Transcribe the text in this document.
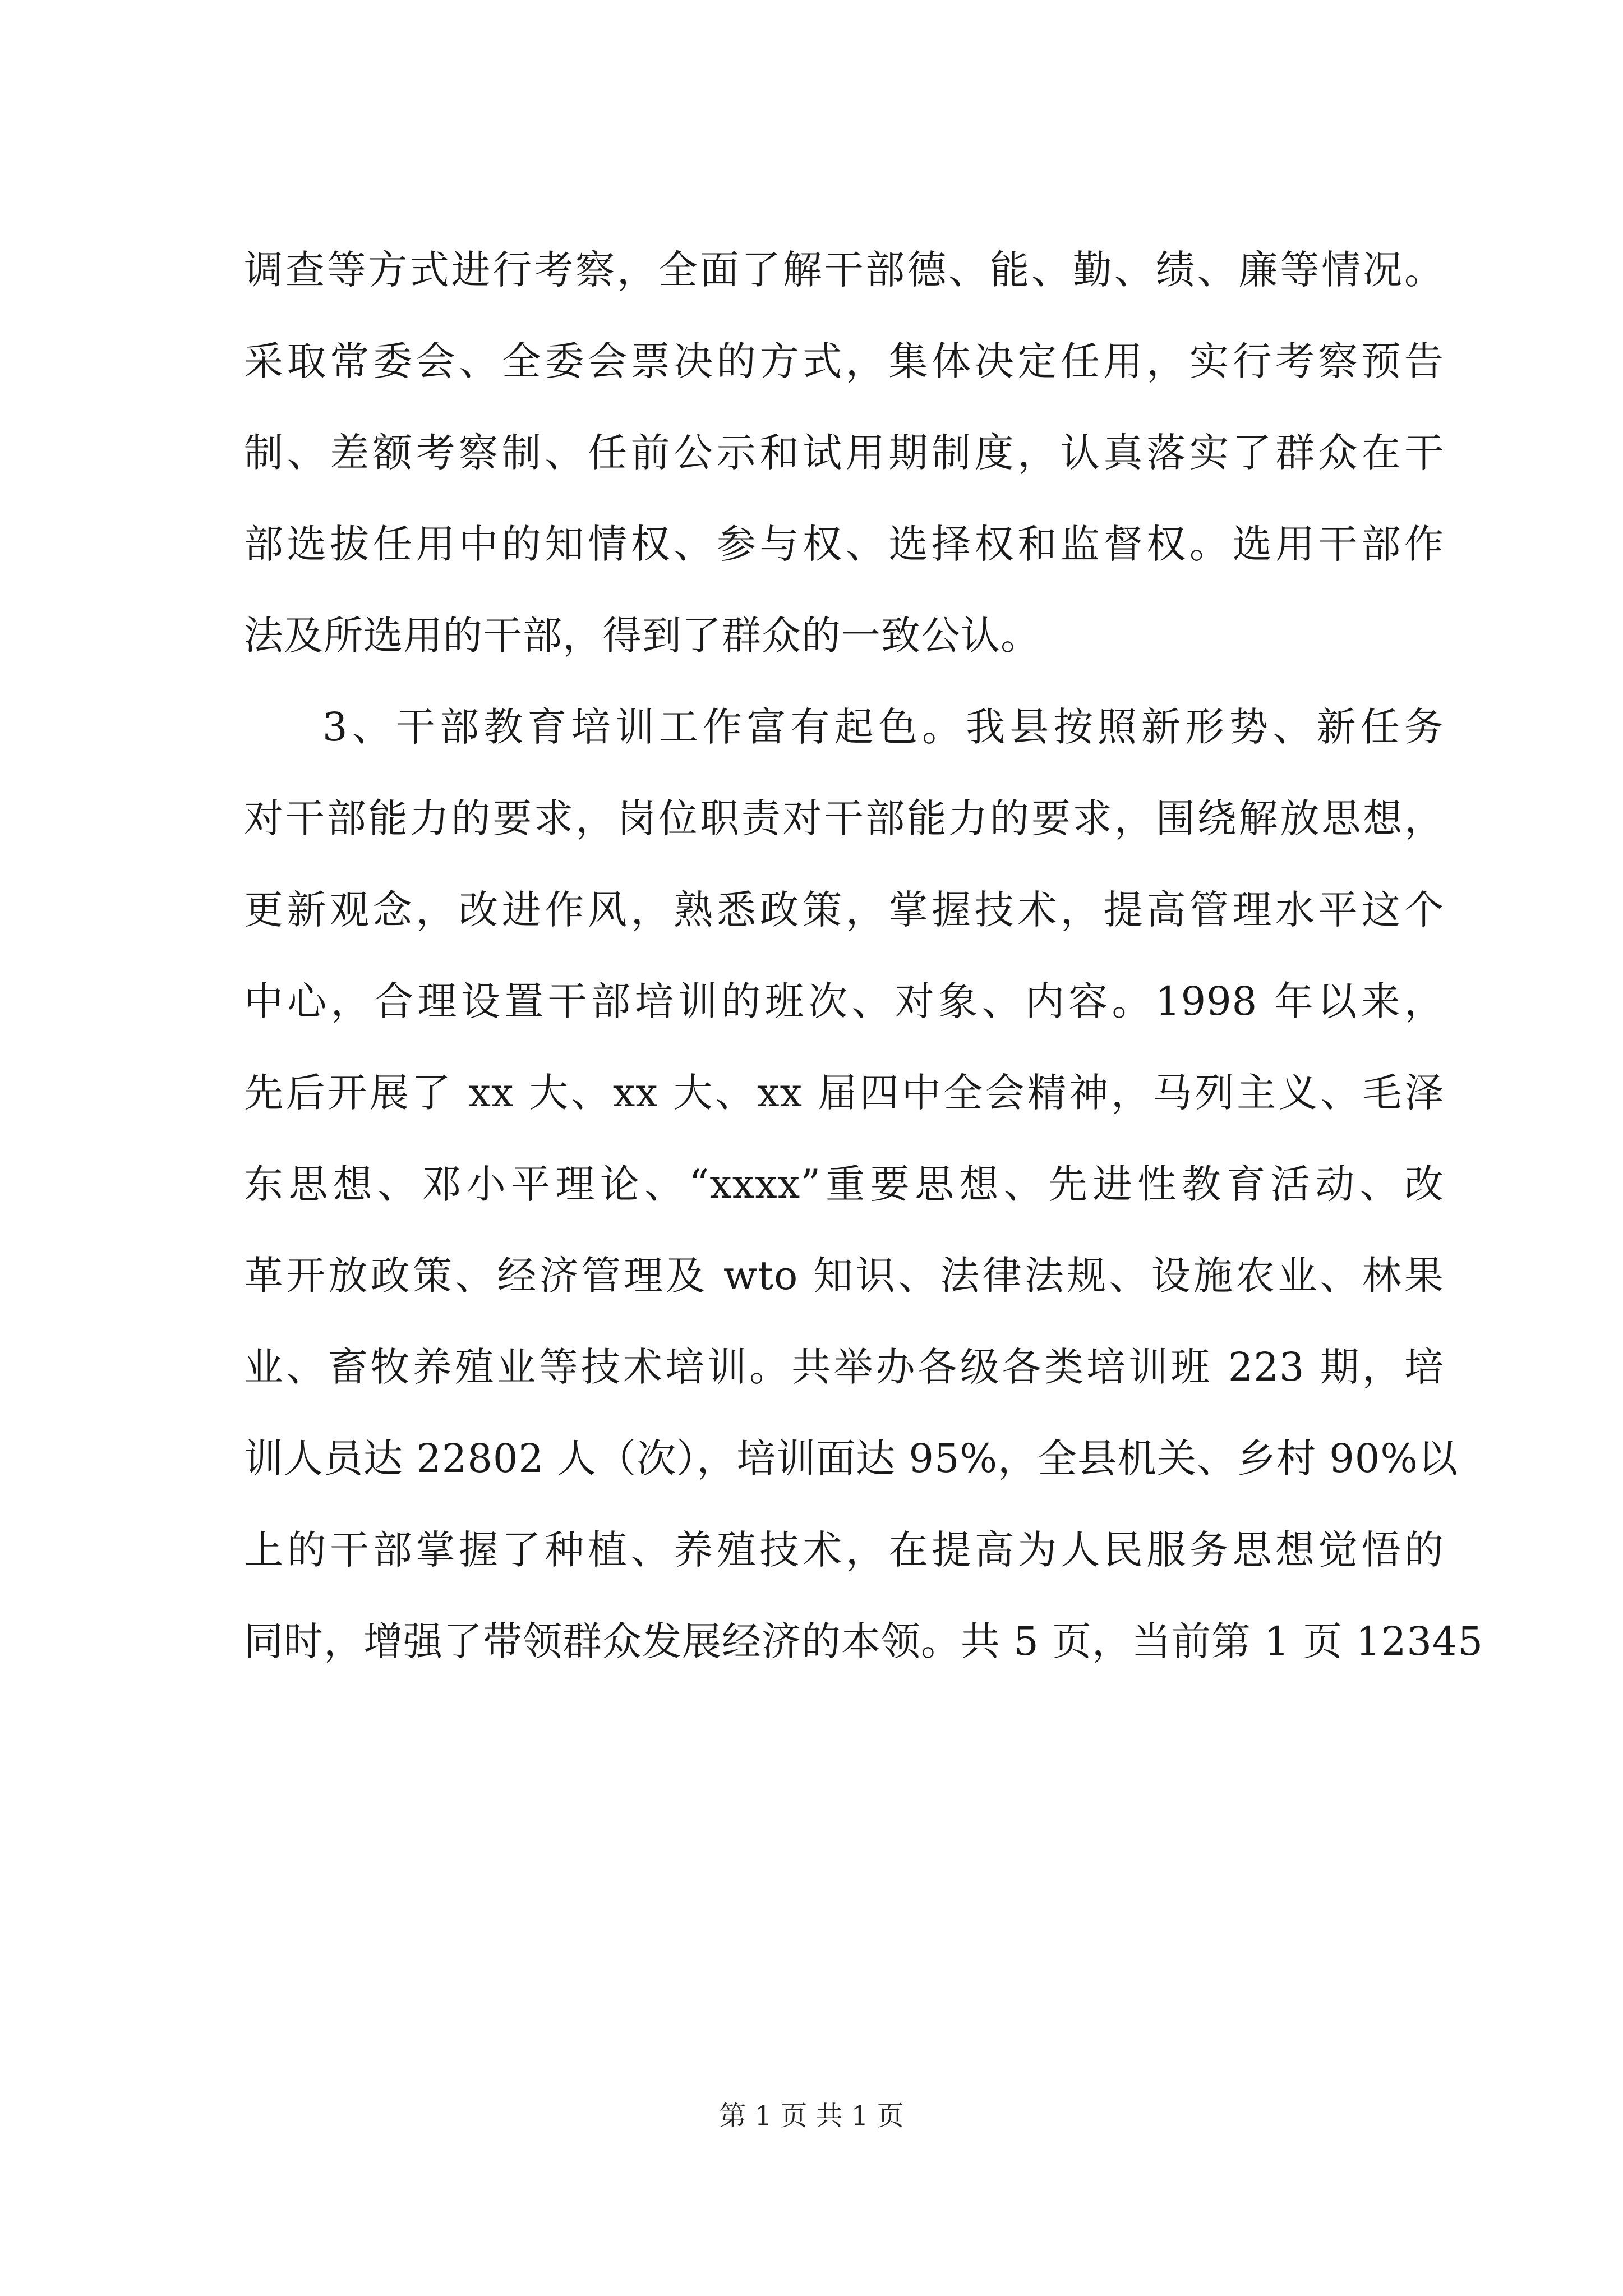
调查等方式进行考察，全面了解干部德、能、勤、绩、廉等情况。
采取常委会、全委会票决的方式，集体决定任用，实行考察预告
制、差额考察制、任前公示和试用期制度，认真落实了群众在干
部选拔任用中的知情权、参与权、选择权和监督权。选用干部作
法及所选用的干部，得到了群众的一致公认。
3、干部教育培训工作富有起色。我县按照新形势、新任务
对干部能力的要求，岗位职责对干部能力的要求，围绕解放思想，
更新观念，改进作风，熟悉政策，掌握技术，提高管理水平这个
中心，合理设置干部培训的班次、对象、内容。1998 年以来，
先后开展了 xx 大、xx 大、xx 届四中全会精神，马列主义、毛泽
东思想、邓小平理论、“xxxx”重要思想、先进性教育活动、改
革开放政策、经济管理及 wto 知识、法律法规、设施农业、林果
业、畜牧养殖业等技术培训。共举办各级各类培训班 223 期，培
训人员达 22802 人（次），培训面达 95%，全县机关、乡村 90%以
上的干部掌握了种植、养殖技术，在提高为人民服务思想觉悟的
同时，增强了带领群众发展经济的本领。共 5 页，当前第 1 页 12345
第 1 页 共 1 页
